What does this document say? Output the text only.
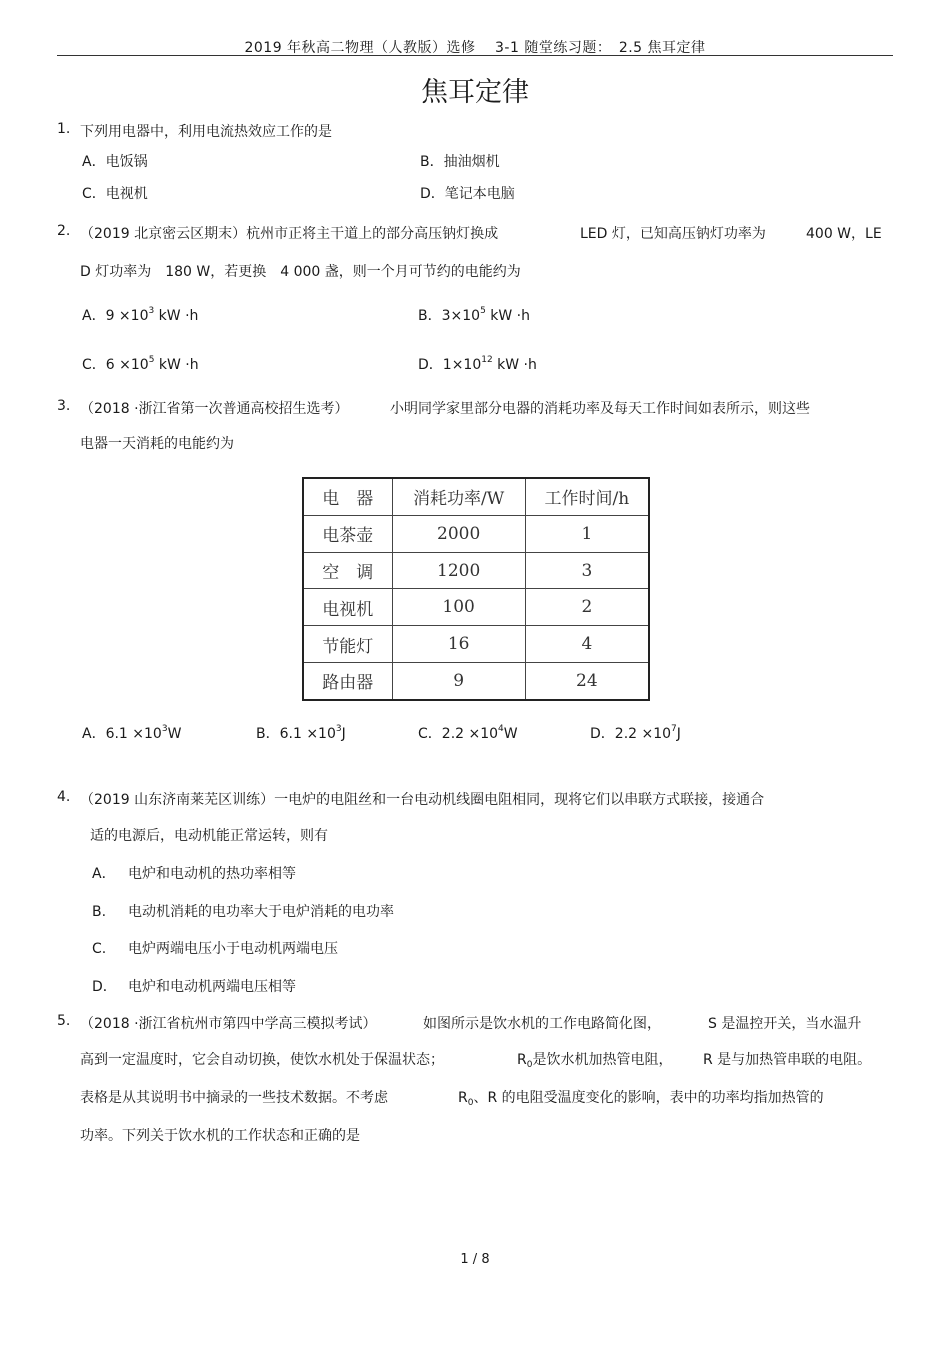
2019 年秋高二物理（人教版）选修　 3-1 随堂练习题：　2.5 焦耳定律
焦耳定律
1. 下列用电器中，利用电流热效应工作的是
A．电饭锅	B．抽油烟机
C．电视机	D．笔记本电脑
2. （2019 北京密云区期末）杭州市正将主干道上的部分高压钠灯换成	LED 灯，已知高压钠灯功率为	400 W，LE
D 灯功率为　180 W，若更换　4 000 盏，则一个月可节约的电能约为
A．$9 \times 10^3$ kW ·h	B．$3\times 10^5$ kW ·h
C．$6 \times 10^5$ kW ·h	D．$1\times 10^{12}$ kW ·h
3. （2018 ·浙江省第一次普通高校招生选考）	小明同学家里部分电器的消耗功率及每天工作时间如表所示，则这些
电器一天消耗的电能约为
电　器	消耗功率/W	工作时间/h
电茶壶	2000	1
空　调	1200	3
电视机	100	2
节能灯	16	4
路由器	9	24
A．$6.1 \times 10^3W$	B．$6.1 \times 10^3J$	C．$2.2 \times 10^4W$	D．$2.2 \times 10^7J$
4. （2019 山东济南莱芜区训练）一电炉的电阻丝和一台电动机线圈电阻相同，现将它们以串联方式联接，接通合
适的电源后，电动机能正常运转，则有
A． 电炉和电动机的热功率相等
B. 电动机消耗的电功率大于电炉消耗的电功率
C. 电炉两端电压小于电动机两端电压
D． 电炉和电动机两端电压相等
5. （2018 ·浙江省杭州市第四中学高三模拟考试）	如图所示是饮水机的工作电路简化图，	S 是温控开关，当水温升
高到一定温度时，它会自动切换，使饮水机处于保温状态；	$R_0$是饮水机加热管电阻， R 是与加热管串联的电阻。
表格是从其说明书中摘录的一些技术数据。不考虑	$R_0$、R 的电阻受温度变化的影响，表中的功率均指加热管的
功率。下列关于饮水机的工作状态和正确的是
1 / 8
